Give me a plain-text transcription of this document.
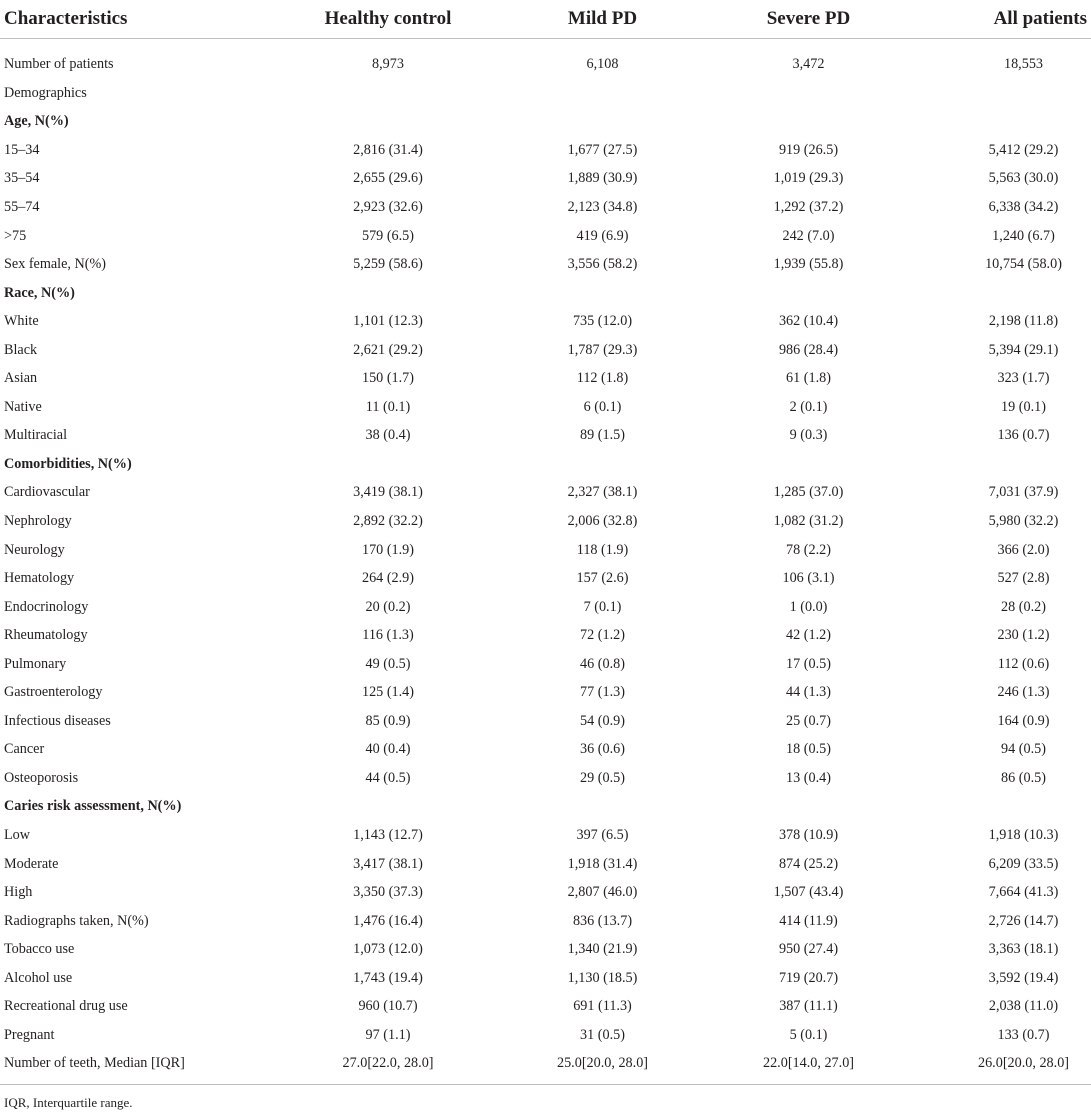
Characteristics	Healthy control	Mild PD	Severe PD	All patients
Number of patients	8,973	6,108	3,472	18,553
Demographics				
Age, N(%)				
15–34	2,816 (31.4)	1,677 (27.5)	919 (26.5)	5,412 (29.2)
35–54	2,655 (29.6)	1,889 (30.9)	1,019 (29.3)	5,563 (30.0)
55–74	2,923 (32.6)	2,123 (34.8)	1,292 (37.2)	6,338 (34.2)
>75	579 (6.5)	419 (6.9)	242 (7.0)	1,240 (6.7)
Sex female, N(%)	5,259 (58.6)	3,556 (58.2)	1,939 (55.8)	10,754 (58.0)
Race, N(%)				
White	1,101 (12.3)	735 (12.0)	362 (10.4)	2,198 (11.8)
Black	2,621 (29.2)	1,787 (29.3)	986 (28.4)	5,394 (29.1)
Asian	150 (1.7)	112 (1.8)	61 (1.8)	323 (1.7)
Native	11 (0.1)	6 (0.1)	2 (0.1)	19 (0.1)
Multiracial	38 (0.4)	89 (1.5)	9 (0.3)	136 (0.7)
Comorbidities, N(%)				
Cardiovascular	3,419 (38.1)	2,327 (38.1)	1,285 (37.0)	7,031 (37.9)
Nephrology	2,892 (32.2)	2,006 (32.8)	1,082 (31.2)	5,980 (32.2)
Neurology	170 (1.9)	118 (1.9)	78 (2.2)	366 (2.0)
Hematology	264 (2.9)	157 (2.6)	106 (3.1)	527 (2.8)
Endocrinology	20 (0.2)	7 (0.1)	1 (0.0)	28 (0.2)
Rheumatology	116 (1.3)	72 (1.2)	42 (1.2)	230 (1.2)
Pulmonary	49 (0.5)	46 (0.8)	17 (0.5)	112 (0.6)
Gastroenterology	125 (1.4)	77 (1.3)	44 (1.3)	246 (1.3)
Infectious diseases	85 (0.9)	54 (0.9)	25 (0.7)	164 (0.9)
Cancer	40 (0.4)	36 (0.6)	18 (0.5)	94 (0.5)
Osteoporosis	44 (0.5)	29 (0.5)	13 (0.4)	86 (0.5)
Caries risk assessment, N(%)				
Low	1,143 (12.7)	397 (6.5)	378 (10.9)	1,918 (10.3)
Moderate	3,417 (38.1)	1,918 (31.4)	874 (25.2)	6,209 (33.5)
High	3,350 (37.3)	2,807 (46.0)	1,507 (43.4)	7,664 (41.3)
Radiographs taken, N(%)	1,476 (16.4)	836 (13.7)	414 (11.9)	2,726 (14.7)
Tobacco use	1,073 (12.0)	1,340 (21.9)	950 (27.4)	3,363 (18.1)
Alcohol use	1,743 (19.4)	1,130 (18.5)	719 (20.7)	3,592 (19.4)
Recreational drug use	960 (10.7)	691 (11.3)	387 (11.1)	2,038 (11.0)
Pregnant	97 (1.1)	31 (0.5)	5 (0.1)	133 (0.7)
Number of teeth, Median [IQR]	27.0[22.0, 28.0]	25.0[20.0, 28.0]	22.0[14.0, 27.0]	26.0[20.0, 28.0]
IQR, Interquartile range.
